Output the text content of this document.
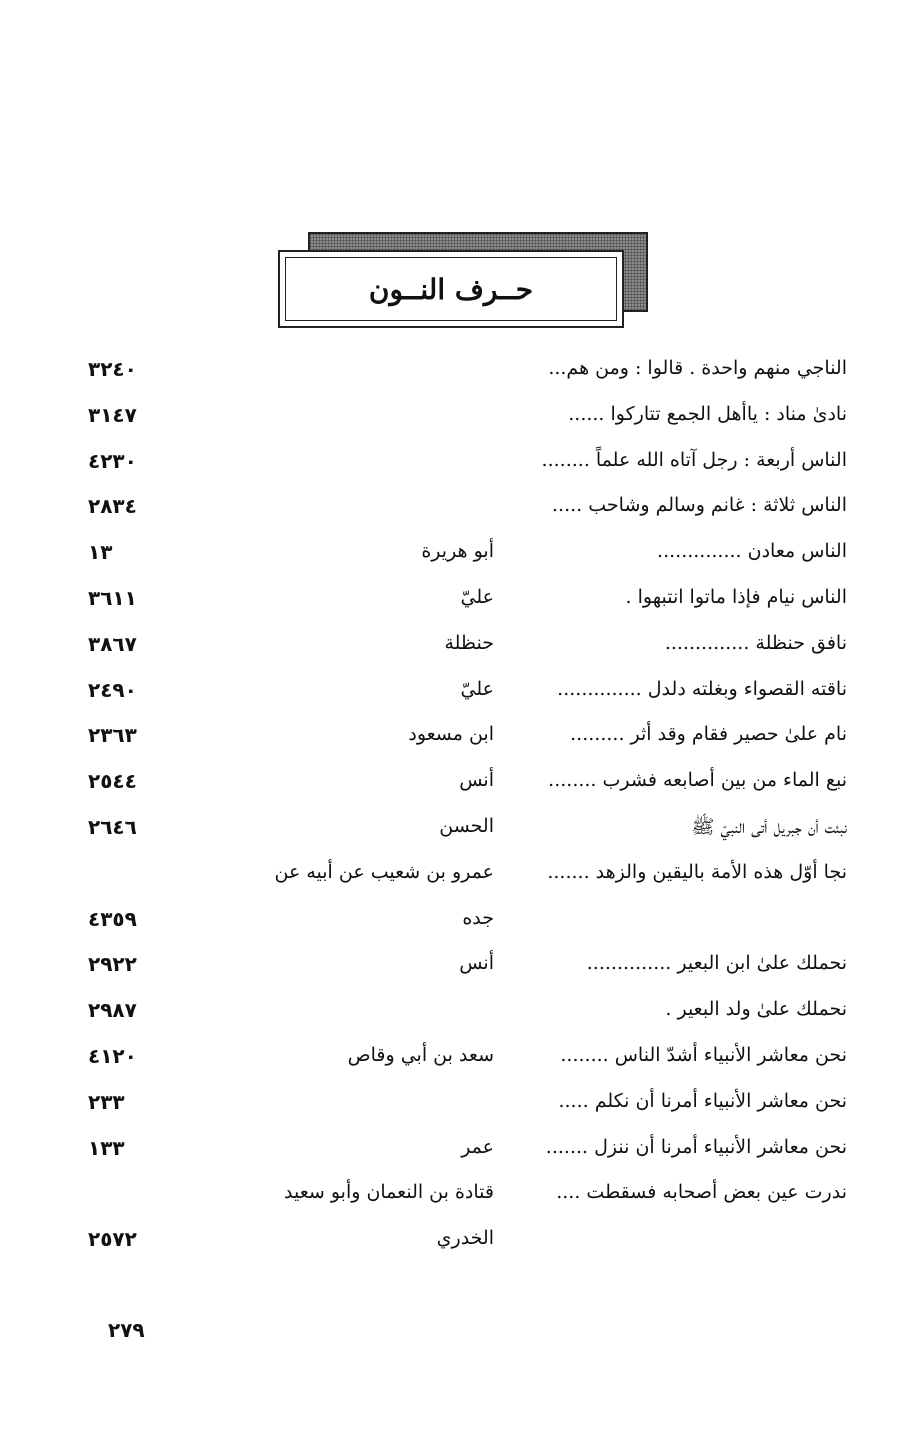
حــرف النــون
الناجي منهم واحدة . قالوا : ومن هم...
٣٢٤٠
نادىٰ مناد : ياأهل الجمع تتاركوا ......
٣١٤٧
الناس أربعة : رجل آتاه الله علماً ........
٤٢٣٠
الناس ثلاثة : غانم وسالم وشاحب .....
٢٨٣٤
الناس معادن ..............
أبو هريرة
١٣
الناس نيام فإذا ماتوا انتبهوا .
عليّ
٣٦١١
نافق حنظلة ..............
حنظلة
٣٨٦٧
ناقته القصواء وبغلته دلدل ..............
عليّ
٢٤٩٠
نام علىٰ حصير فقام وقد أثر .........
ابن مسعود
٢٣٦٣
نبع الماء من بين أصابعه فشرب ........
أنس
٢٥٤٤
نبئت أن جبريل أتى النبيّ ﷺ
الحسن
٢٦٤٦
نجا أوّل هذه الأمة باليقين والزهد .......
عمرو بن شعيب عن أبيه عن
جده
٤٣٥٩
نحملك علىٰ ابن البعير ..............
أنس
٢٩٢٢
نحملك علىٰ ولد البعير .
٢٩٨٧
نحن معاشر الأنبياء أشدّ الناس ........
سعد بن أبي وقاص
٤١٢٠
نحن معاشر الأنبياء أمرنا أن نكلم .....
٢٣٣
نحن معاشر الأنبياء أمرنا أن ننزل .......
عمر
١٣٣
ندرت عين بعض أصحابه فسقطت ....
قتادة بن النعمان وأبو سعيد
الخدري
٢٥٧٢
٢٧٩
